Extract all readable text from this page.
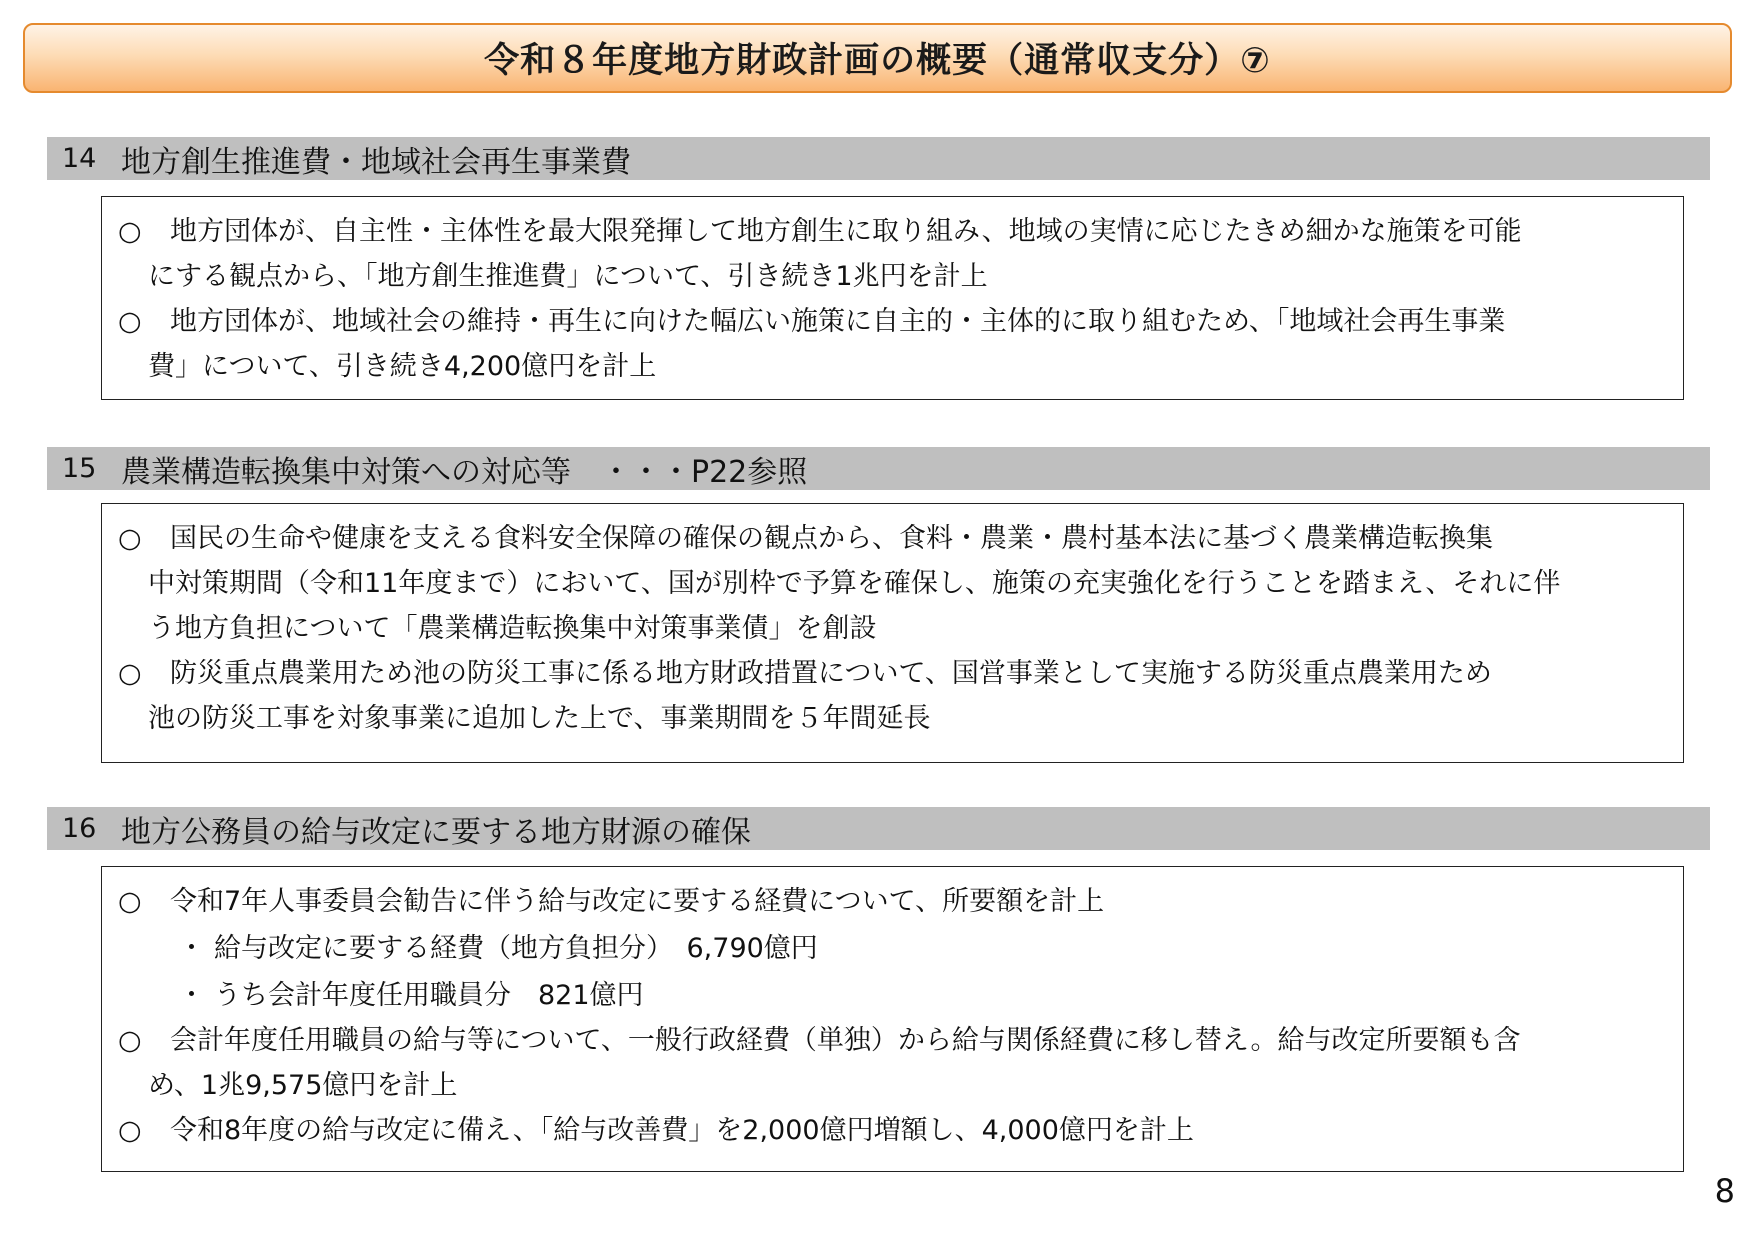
令和８年度地方財政計画の概要（通常収支分）⑦
14 地方創生推進費・地域社会再生事業費
○	地方団体が、自主性・主体性を最大限発揮して地方創生に取り組み、地域の実情に応じたきめ細かな施策を可能
にする観点から、「地方創生推進費」について、引き続き1兆円を計上
○	地方団体が、地域社会の維持・再生に向けた幅広い施策に自主的・主体的に取り組むため、「地域社会再生事業
費」について、引き続き4,200億円を計上
15 農業構造転換集中対策への対応等　・・・P22参照
○	国民の生命や健康を支える食料安全保障の確保の観点から、食料・農業・農村基本法に基づく農業構造転換集
中対策期間（令和11年度まで）において、国が別枠で予算を確保し、施策の充実強化を行うことを踏まえ、それに伴
う地方負担について「農業構造転換集中対策事業債」を創設
○	防災重点農業用ため池の防災工事に係る地方財政措置について、国営事業として実施する防災重点農業用ため
池の防災工事を対象事業に追加した上で、事業期間を５年間延長
16 地方公務員の給与改定に要する地方財源の確保
○	令和7年人事委員会勧告に伴う給与改定に要する経費について、所要額を計上
・ 給与改定に要する経費（地方負担分）　6,790億円
・ うち会計年度任用職員分　821億円
○	会計年度任用職員の給与等について、一般行政経費（単独）から給与関係経費に移し替え。給与改定所要額も含
め、1兆9,575億円を計上
○	令和8年度の給与改定に備え、「給与改善費」を2,000億円増額し、4,000億円を計上
8
